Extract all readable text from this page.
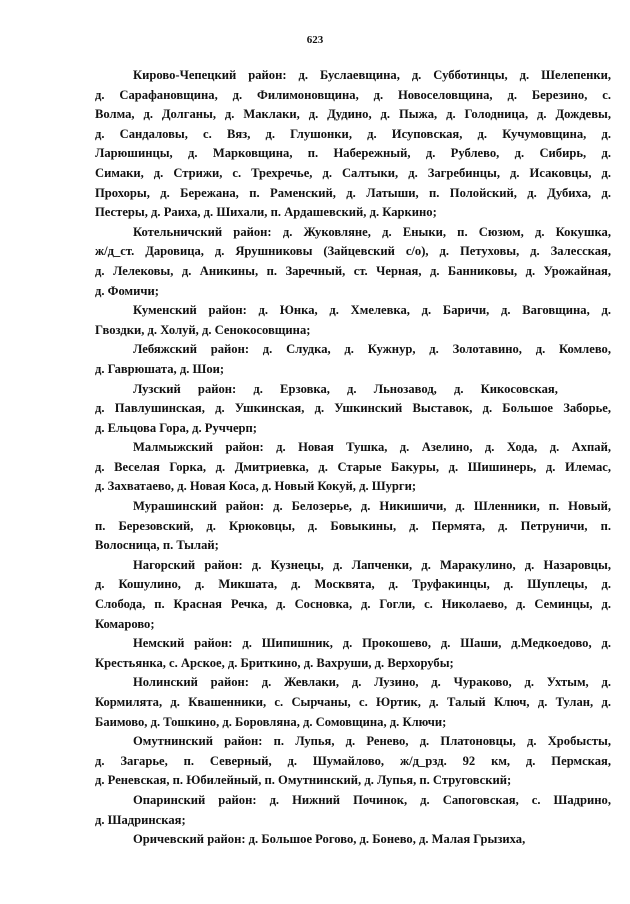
623
Кирово-Чепецкий район: д. Буслаевщина, д. Субботинцы, д. Шелепенки,
д. Сарафановщина, д. Филимоновщина, д. Новоселовщина, д. Березино, с.
Волма, д. Долганы, д. Маклаки, д. Дудино, д. Пыжа, д. Голодница, д. Дождевы,
д. Сандаловы, с. Вяз, д. Глушонки, д. Исуповская, д. Кучумовщина, д.
Ларюшинцы, д. Марковщина, п. Набережный, д. Рублево, д. Сибирь, д.
Симаки, д. Стрижи, с. Трехречье, д. Салтыки, д. Загребинцы, д. Исаковцы, д.
Прохоры, д. Бережана, п. Раменский, д. Латыши, п. Полойский, д. Дубиха, д.
Пестеры, д. Раиха, д. Шихали, п. Ардашевский, д. Каркино;
Котельничский район: д. Жуковляне, д. Еныки, п. Сюзюм, д. Кокушка,
ж/д_ст. Даровица, д. Ярушниковы (Зайцевский с/о), д. Петуховы, д. Залесская,
д. Лелековы, д. Аникины, п. Заречный, ст. Черная, д. Банниковы, д. Урожайная,
д. Фомичи;
Куменский район: д. Юнка, д. Хмелевка, д. Баричи, д. Ваговщина, д.
Гвоздки, д. Холуй, д. Сенокосовщина;
Лебяжский район: д. Слудка, д. Кужнур, д. Золотавино, д. Комлево,
д. Гаврюшата, д. Шои;
Лузский район: д. Ерзовка, д. Льнозавод, д. Кикосовская,
д. Павлушинская, д. Ушкинская, д. Ушкинский Выставок, д. Большое Заборье,
д. Ельцова Гора, д. Руччерп;
Малмыжский район: д. Новая Тушка, д. Азелино, д. Хода, д. Ахпай,
д. Веселая Горка, д. Дмитриевка, д. Старые Бакуры, д. Шишинерь, д. Илемас,
д. Захватаево, д. Новая Коса, д. Новый Кокуй, д. Шурги;
Мурашинский район: д. Белозерье, д. Никишичи, д. Шленники, п. Новый,
п. Березовский, д. Крюковцы, д. Бовыкины, д. Пермята, д. Петруничи, п.
Волосница, п. Тылай;
Нагорский район: д. Кузнецы, д. Лапченки, д. Маракулино, д. Назаровцы,
д. Кошулино, д. Микшата, д. Москвята, д. Труфакинцы, д. Шуплецы, д.
Слобода, п. Красная Речка, д. Сосновка, д. Гогли, с. Николаево, д. Семинцы, д.
Комарово;
Немский район: д. Шипишник, д. Прокошево, д. Шаши, д.Медкоедово, д.
Крестьянка, с. Арское, д. Бриткино, д. Вахруши, д. Верхорубы;
Нолинский район: д. Жевлаки, д. Лузино, д. Чураково, д. Ухтым, д.
Кормилята, д. Квашенники, с. Сырчаны, с. Юртик, д. Талый Ключ, д. Тулан, д.
Баимово, д. Тошкино, д. Боровляна, д. Сомовщина, д. Ключи;
Омутнинский район: п. Лупья, д. Ренево, д. Платоновцы, д. Хробысты,
д. Загарье, п. Северный, д. Шумайлово, ж/д_рзд. 92 км, д. Пермская,
д. Реневская, п. Юбилейный, п. Омутнинский, д. Лупья, п. Струговский;
Опаринский район: д. Нижний Починок, д. Сапоговская, с. Шадрино,
д. Шадринская;
Оричевский район: д. Большое Рогово, д. Бонево, д. Малая Грызиха,
